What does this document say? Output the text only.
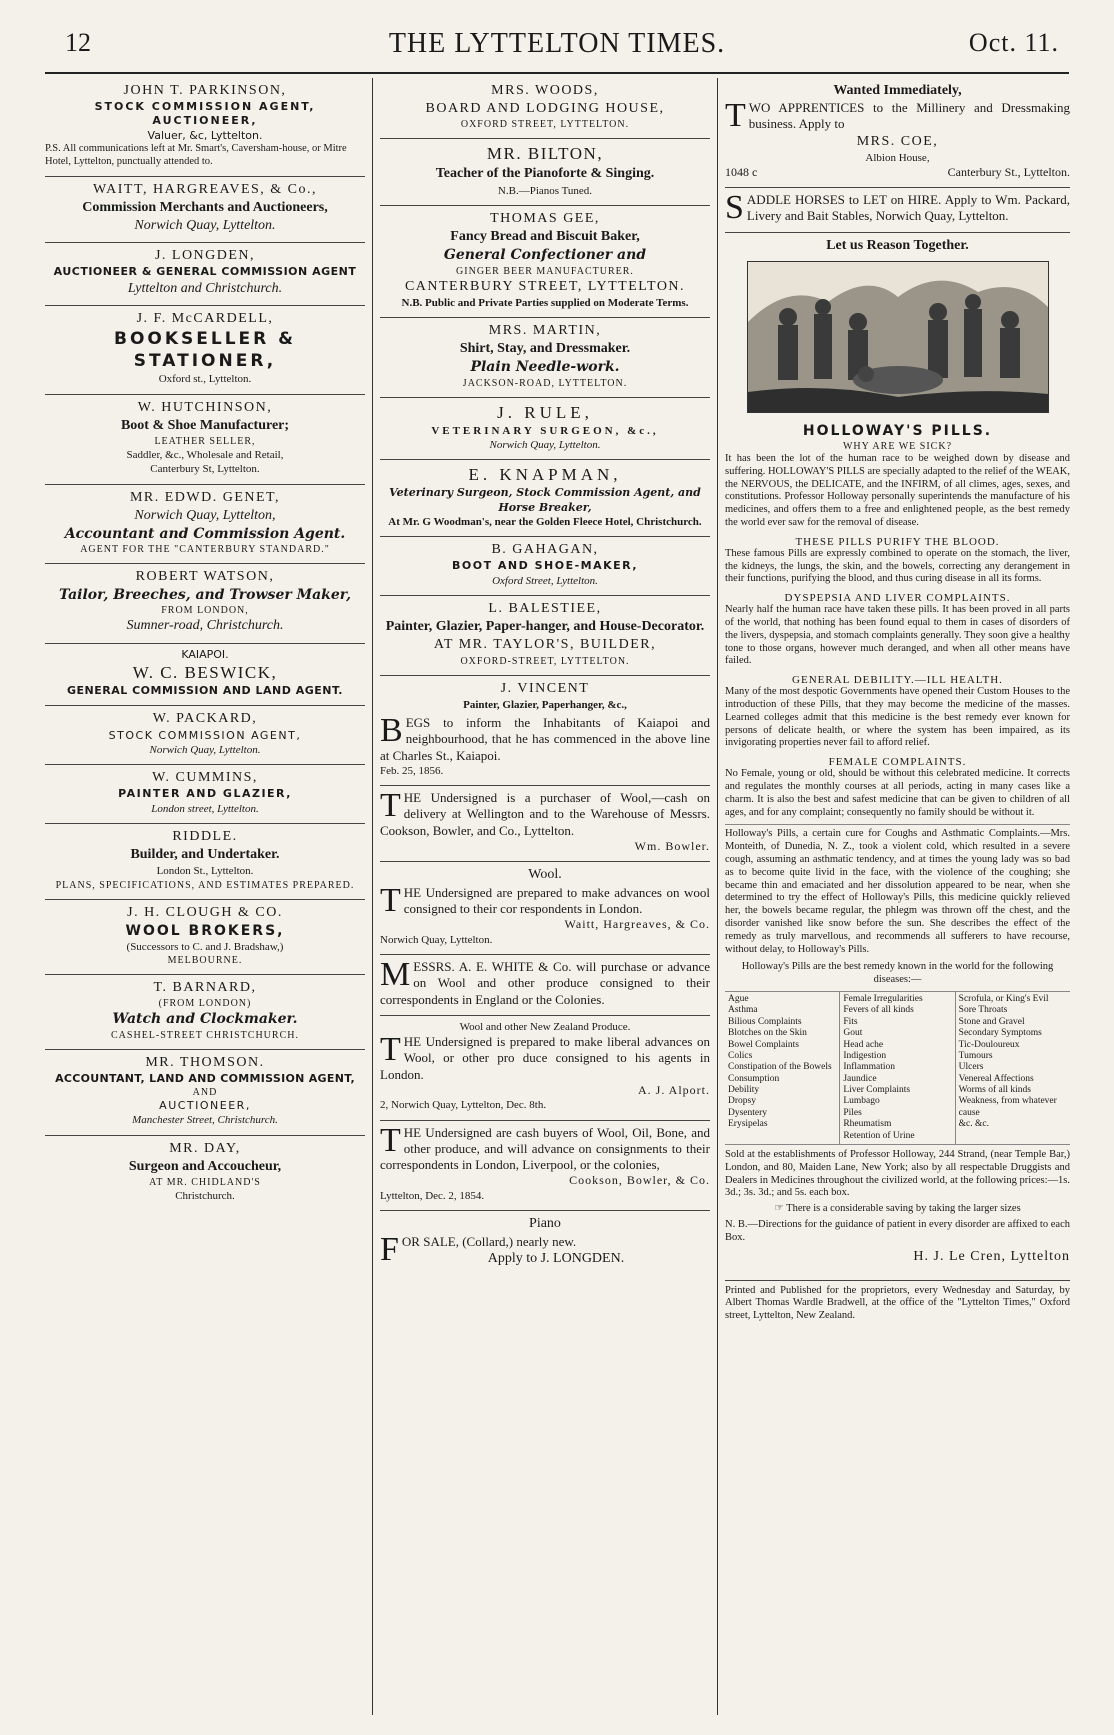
12	THE LYTTELTON TIMES.	Oct. 11.
JOHN T. PARKINSON,
STOCK COMMISSION AGENT, AUCTIONEER,
Valuer, &c, Lyttelton.
P.S. All communications left at Mr. Smart's, Caversham-house, or Mitre Hotel, Lyttelton, punctually attended to.
WAITT, HARGREAVES, & Co.,
Commission Merchants and Auctioneers,
Norwich Quay, Lyttelton.
J. LONGDEN,
AUCTIONEER & GENERAL COMMISSION AGENT
Lyttelton and Christchurch.
J. F. McCARDELL,
BOOKSELLER & STATIONER,
Oxford st., Lyttelton.
W. HUTCHINSON,
Boot & Shoe Manufacturer;
LEATHER SELLER,
Saddler, &c., Wholesale and Retail,
Canterbury St, Lyttelton.
MR. EDWD. GENET,
Norwich Quay, Lyttelton,
Accountant and Commission Agent.
AGENT FOR THE "CANTERBURY STANDARD."
ROBERT WATSON,
Tailor, Breeches, and Trowser Maker,
FROM LONDON,
Sumner-road, Christchurch.
KAIAPOI.
W. C. BESWICK,
GENERAL COMMISSION AND LAND AGENT.
W. PACKARD,
STOCK COMMISSION AGENT,
Norwich Quay, Lyttelton.
W. CUMMINS,
PAINTER AND GLAZIER,
London street, Lyttelton.
RIDDLE.
Builder, and Undertaker.
London St., Lyttelton.
PLANS, SPECIFICATIONS, AND ESTIMATES PREPARED.
J. H. CLOUGH & CO.
WOOL BROKERS,
(Successors to C. and J. Bradshaw,)
MELBOURNE.
T. BARNARD,
(FROM LONDON)
Watch and Clockmaker.
CASHEL-STREET CHRISTCHURCH.
MR. THOMSON.
ACCOUNTANT, LAND AND COMMISSION AGENT,
AND
AUCTIONEER,
Manchester Street, Christchurch.
MR. DAY,
Surgeon and Accoucheur,
AT MR. CHIDLAND'S
Christchurch.
MRS. WOODS,
BOARD AND LODGING HOUSE,
OXFORD STREET, LYTTELTON.
MR. BILTON,
Teacher of the Pianoforte & Singing.
N.B.—Pianos Tuned.
THOMAS GEE,
Fancy Bread and Biscuit Baker,
General Confectioner and
GINGER BEER MANUFACTURER.
CANTERBURY STREET, LYTTELTON.
N.B. Public and Private Parties supplied on Moderate Terms.
MRS. MARTIN,
Shirt, Stay, and Dressmaker.
Plain Needle-work.
JACKSON-ROAD, LYTTELTON.
J. RULE,
VETERINARY SURGEON, &c.,
Norwich Quay, Lyttelton.
E. KNAPMAN,
Veterinary Surgeon, Stock Commission Agent, and Horse Breaker,
At Mr. G Woodman's, near the Golden Fleece Hotel, Christchurch.
B. GAHAGAN,
BOOT AND SHOE-MAKER,
Oxford Street, Lyttelton.
L. BALESTIEE,
Painter, Glazier, Paper-hanger, and House-Decorator.
AT MR. TAYLOR'S, BUILDER,
OXFORD-STREET, LYTTELTON.
J. VINCENT
Painter, Glazier, Paperhanger, &c.,
BEGS to inform the Inhabitants of Kaiapoi and neighbourhood, that he has commenced in the above line at Charles St., Kaiapoi.
Feb. 25, 1856.
THE Undersigned is a purchaser of Wool,—cash on delivery at Wellington and to the Warehouse of Messrs. Cookson, Bowler, and Co., Lyttelton.
Wm. Bowler.
Wool.
THE Undersigned are prepared to make advances on wool consigned to their cor respondents in London.
Waitt, Hargreaves, & Co.
Norwich Quay, Lyttelton.
MESSRS. A. E. WHITE & Co. will purchase or advance on Wool and other produce consigned to their correspondents in England or the Colonies.
Wool and other New Zealand Produce.
THE Undersigned is prepared to make liberal advances on Wool, or other pro duce consigned to his agents in London.
A. J. Alport.
2, Norwich Quay, Lyttelton, Dec. 8th.
THE Undersigned are cash buyers of Wool, Oil, Bone, and other produce, and will advance on consignments to their correspondents in London, Liverpool, or the colonies,
Cookson, Bowler, & Co.
Lyttelton, Dec. 2, 1854.
Piano
FOR SALE, (Collard,) nearly new.
Apply to J. LONGDEN.
Wanted Immediately,
TWO APPRENTICES to the Millinery and Dressmaking business. Apply to
MRS. COE,
Albion House,
1048 c	Canterbury St., Lyttelton.
SADDLE HORSES to LET on HIRE. Apply to Wm. Packard, Livery and Bait Stables, Norwich Quay, Lyttelton.
Let us Reason Together.
HOLLOWAY'S PILLS.
WHY ARE WE SICK?
It has been the lot of the human race to be weighed down by disease and suffering. HOLLOWAY'S PILLS are specially adapted to the relief of the WEAK, the NERVOUS, the DELICATE, and the INFIRM, of all climes, ages, sexes, and constitutions. Professor Holloway personally superintends the manufacture of his medicines, and offers them to a free and enlightened people, as the best remedy the world ever saw for the removal of disease.
THESE PILLS PURIFY THE BLOOD.
These famous Pills are expressly combined to operate on the stomach, the liver, the kidneys, the lungs, the skin, and the bowels, correcting any derangement in their functions, purifying the blood, and thus curing disease in all its forms.
DYSPEPSIA AND LIVER COMPLAINTS.
Nearly half the human race have taken these pills. It has been proved in all parts of the world, that nothing has been found equal to them in cases of disorders of the livers, dyspepsia, and stomach complaints generally. They soon give a healthy tone to those organs, however much deranged, and when all other means have failed.
GENERAL DEBILITY.—ILL HEALTH.
Many of the most despotic Governments have opened their Custom Houses to the introduction of these Pills, that they may become the medicine of the masses. Learned colleges admit that this medicine is the best remedy ever known for persons of delicate health, or where the system has been impaired, as its invigorating properties never fail to afford relief.
FEMALE COMPLAINTS.
No Female, young or old, should be without this celebrated medicine. It corrects and regulates the monthly courses at all periods, acting in many cases like a charm. It is also the best and safest medicine that can be given to children of all ages, and for any complaint; consequently no family should be without it.
Holloway's Pills, a certain cure for Coughs and Asthmatic Complaints.—Mrs. Monteith, of Dunedia, N. Z., took a violent cold, which resulted in a severe cough, assuming an asthmatic tendency, and at times the young lady was so bad as to become quite livid in the face, with the violence of the coughing; she became thin and emaciated and her dissolution appeared to be near, when she determined to try the effect of Holloway's Pills, this medicine quickly relieved her, the bowels became regular, the phlegm was thrown off the chest, and the disorder vanished like snow before the sun. She describes the effect of the remedy as truly marvellous, and recommends all sufferers to have recourse, without delay, to Holloway's Pills.
Holloway's Pills are the best remedy known in the world for the following diseases:—
Ague
Asthma
Bilious Complaints
Blotches on the Skin
Bowel Complaints
Colics
Constipation of the Bowels
Consumption
Debility
Dropsy
Dysentery
Erysipelas
Female Irregularities
Fevers of all kinds
Fits
Gout
Head ache
Indigestion
Inflammation
Jaundice
Liver Complaints
Lumbago
Piles
Rheumatism
Retention of Urine
Scrofula, or King's Evil
Sore Throats
Stone and Gravel
Secondary Symptoms
Tic-Douloureux
Tumours
Ulcers
Venereal Affections
Worms of all kinds
Weakness, from whatever cause
&c. &c.
Sold at the establishments of Professor Holloway, 244 Strand, (near Temple Bar,) London, and 80, Maiden Lane, New York; also by all respectable Druggists and Dealers in Medicines throughout the civilized world, at the following prices:—1s. 3d.; 3s. 3d.; and 5s. each box.
☞ There is a considerable saving by taking the larger sizes
N. B.—Directions for the guidance of patient in every disorder are affixed to each Box.
H. J. Le Cren, Lyttelton
Printed and Published for the proprietors, every Wednesday and Saturday, by Albert Thomas Wardle Bradwell, at the office of the "Lyttelton Times," Oxford street, Lyttelton, New Zealand.
